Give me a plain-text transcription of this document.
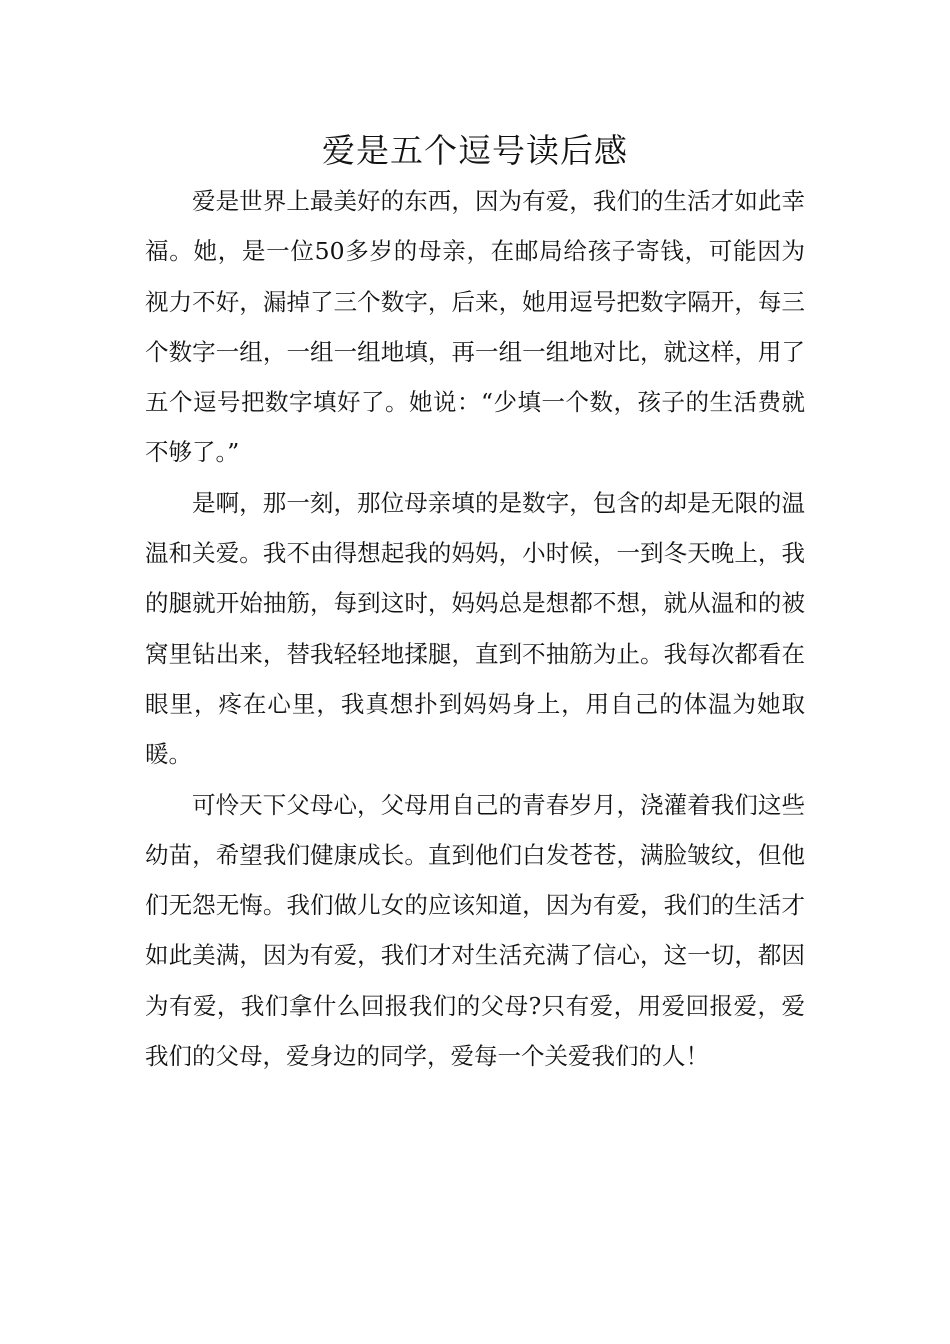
爱是五个逗号读后感

爱是世界上最美好的东西，因为有爱，我们的生活才如此幸福。她，是一位50多岁的母亲，在邮局给孩子寄钱，可能因为视力不好，漏掉了三个数字，后来，她用逗号把数字隔开，每三个数字一组，一组一组地填，再一组一组地对比，就这样，用了五个逗号把数字填好了。她说：“少填一个数，孩子的生活费就不够了。”

是啊，那一刻，那位母亲填的是数字，包含的却是无限的温温和关爱。我不由得想起我的妈妈，小时候，一到冬天晚上，我的腿就开始抽筋，每到这时，妈妈总是想都不想，就从温和的被窝里钻出来，替我轻轻地揉腿，直到不抽筋为止。我每次都看在眼里，疼在心里，我真想扑到妈妈身上，用自己的体温为她取暖。

可怜天下父母心，父母用自己的青春岁月，浇灌着我们这些幼苗，希望我们健康成长。直到他们白发苍苍，满脸皱纹，但他们无怨无悔。我们做儿女的应该知道，因为有爱，我们的生活才如此美满，因为有爱，我们才对生活充满了信心，这一切，都因为有爱，我们拿什么回报我们的父母?只有爱，用爱回报爱，爱我们的父母，爱身边的同学，爱每一个关爱我们的人！
